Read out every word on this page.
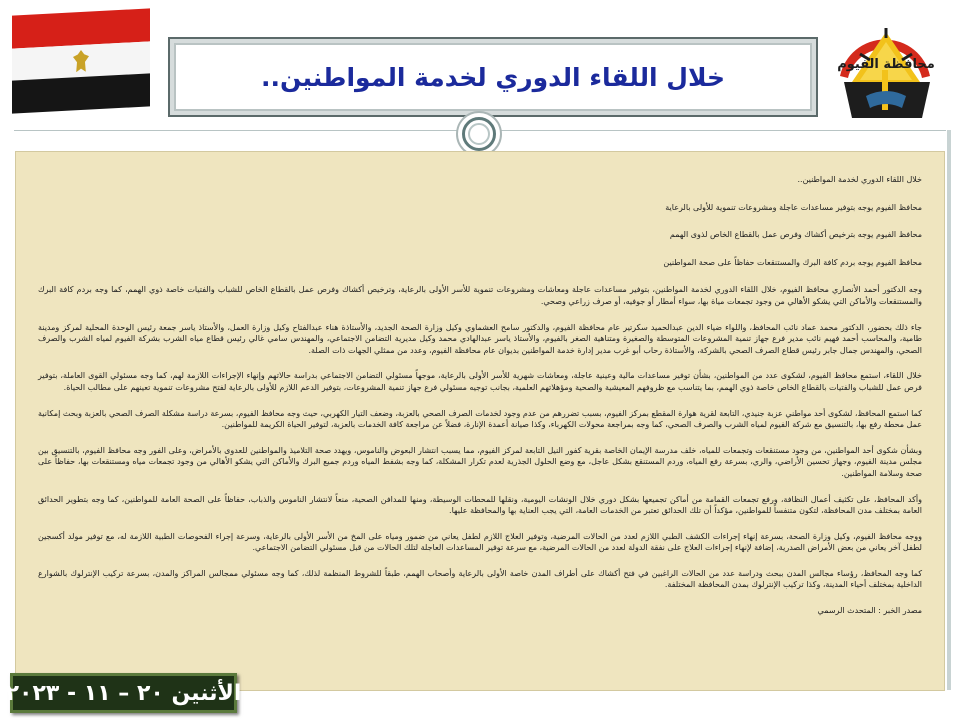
محافظة الفيوم
خلال اللقاء الدوري لخدمة المواطنين..

خلال اللقاء الدوري لخدمة المواطنين..

محافظ الفيوم يوجه بتوفير مساعدات عاجلة ومشروعات تنموية للأولى بالرعاية

محافظ الفيوم يوجه بترخيص أكشاك وفرص عمل بالقطاع الخاص لذوى الهمم

محافظ الفيوم يوجه بردم كافة البرك والمستنقعات حفاظاً على صحة المواطنين

وجه الدكتور أحمد الأنصاري محافظ الفيوم، خلال اللقاء الدوري لخدمة المواطنين، بتوفير مساعدات عاجلة ومعاشات ومشروعات تنموية للأسر الأولى بالرعاية، وترخيص أكشاك وفرص عمل بالقطاع الخاص للشباب والفتيات خاصة ذوي الهمم، كما وجه بردم كافة البرك والمستنقعات والأماكن التي يشكو الأهالي من وجود تجمعات مياة بها، سواء أمطار أو جوفيه، أو صرف زراعي وصحي.

جاء ذلك بحضور، الدكتور محمد عماد نائب المحافظ، واللواء ضياء الدين عبدالحميد سكرتير عام محافظة الفيوم، والدكتور سامح العشماوي وكيل وزارة الصحة الجديد، والأستاذة هناء عبدالفتاح وكيل وزارة العمل، والأستاذ ياسر جمعة رئيس الوحدة المحلية لمركز ومدينة طامية، والمحاسب أحمد فهيم نائب مدير فرع جهاز تنمية المشروعات المتوسطة والصغيرة ومتناهية الصغر بالفيوم، والأستاذ ياسر عبدالهادي محمد وكيل مديرية التضامن الاجتماعي، والمهندس سامي غالي رئيس قطاع مياه الشرب بشركة الفيوم لمياه الشرب والصرف الصحي، والمهندس جمال جابر رئيس قطاع الصرف الصحي بالشركة، والأستاذة رحاب أبو غرب مدير إدارة خدمة المواطنين بديوان عام محافظة الفيوم، وعدد من ممثلي الجهات ذات الصلة.

خلال اللقاء، استمع محافظ الفيوم، لشكوى عدد من المواطنين، بشأن توفير مساعدات مالية وعينية عاجلة، ومعاشات شهرية للأسر الأولى بالرعاية، موجهاً مسئولي التضامن الاجتماعي بدراسة حالاتهم وإنهاء الإجراءات اللازمة لهم، كما وجه مسئولي القوى العاملة، بتوفير فرص عمل للشباب والفتيات بالقطاع الخاص خاصة ذوي الهمم، بما يتناسب مع ظروفهم المعيشية والصحية ومؤهلاتهم العلمية، بجانب توجيه مسئولي فرع جهاز تنمية المشروعات، بتوفير الدعم اللازم للأولى بالرعاية لفتح مشروعات تنموية تعينهم على مطالب الحياة.

كما استمع المحافظ، لشكوى أحد مواطني عزبة جنيدي، التابعة لقرية هوارة المقطع بمركز الفيوم، بسبب تضررهم من عدم وجود لخدمات الصرف الصحي بالعزبة، وضعف التيار الكهربي، حيث وجه محافظ الفيوم، بسرعة دراسة مشكلة الصرف الصحي بالعزبة وبحث إمكانية عمل محطة رفع بها، بالتنسيق مع شركة الفيوم لمياه الشرب والصرف الصحي، كما وجه بمراجعة محولات الكهرباء، وكذا صيانة أعمدة الإنارة، فضلاً عن مراجعة كافة الخدمات بالعزبة، لتوفير الحياة الكريمة للمواطنين.

وبشأن شكوى أحد المواطنين، من وجود مستنقعات وتجمعات للمياه، خلف مدرسة الإيمان الخاصة بقرية كفور النيل التابعة لمركز الفيوم، مما يسبب انتشار البعوض والناموس، ويهدد صحة التلاميذ والمواطنين للعدوى بالأمراض، وعلى الفور وجه محافظ الفيوم، بالتنسيق بين مجلس مدينة الفيوم، وجهاز تحسين الأراضي، والري، بسرعة رفع المياه، وردم المستنقع بشكل عاجل، مع وضع الحلول الجذرية لعدم تكرار المشكلة، كما وجه بشفط المياه وردم جميع البرك والأماكن التي يشكو الأهالي من وجود تجمعات مياه ومستنقعات بها، حفاظاً على صحة وسلامة المواطنين.

وأكد المحافظ، على تكثيف أعمال النظافة، ورفع تجمعات القمامة من أماكن تجميعها بشكل دوري خلال الونشات اليومية، ونقلها للمحطات الوسيطة، ومنها للمدافن الصحية، منعاً لانتشار الناموس والذباب، حفاظاً على الصحة العامة للمواطنين، كما وجه بتطوير الحدائق العامة بمختلف مدن المحافظة، لتكون متنفساً للمواطنين، مؤكداً أن تلك الحدائق تعتبر من الخدمات العامة، التي يجب العناية بها والمحافظة عليها.

ووجه محافظ الفيوم، وكيل وزارة الصحة، بسرعة إنهاء إجراءات الكشف الطبي اللازم لعدد من الحالات المرضية، وتوفير العلاج اللازم لطفل يعاني من ضمور ومياه على المخ من الأسر الأولى بالرعاية، وسرعة إجراء الفحوصات الطبية اللازمة له، مع توفير مولد أكسجين لطفل آخر يعاني من بعض الأمراض الصدرية، إضافة لإنهاء إجراءات العلاج على نفقة الدولة لعدد من الحالات المرضية، مع سرعة توفير المساعدات العاجلة لتلك الحالات من قبل مسئولي التضامن الاجتماعي.

كما وجه المحافظ، رؤساء مجالس المدن ببحث ودراسة عدد من الحالات الراغبين في فتح أكشاك على أطراف المدن خاصة الأولى بالرعاية وأصحاب الهمم، طبقاً للشروط المنظمة لذلك، كما وجه مسئولي ممجالس المراكز والمدن، بسرعة تركيب الإنترلوك بالشوارع الداخلية بمختلف أحياء المدينة، وكذا تركيب الإنترلوك بمدن المحافظة المختلفة.

مصدر الخبر : المتحدث الرسمي

الأثنين ٢٠ – ١١ - ٢٠٢٣
